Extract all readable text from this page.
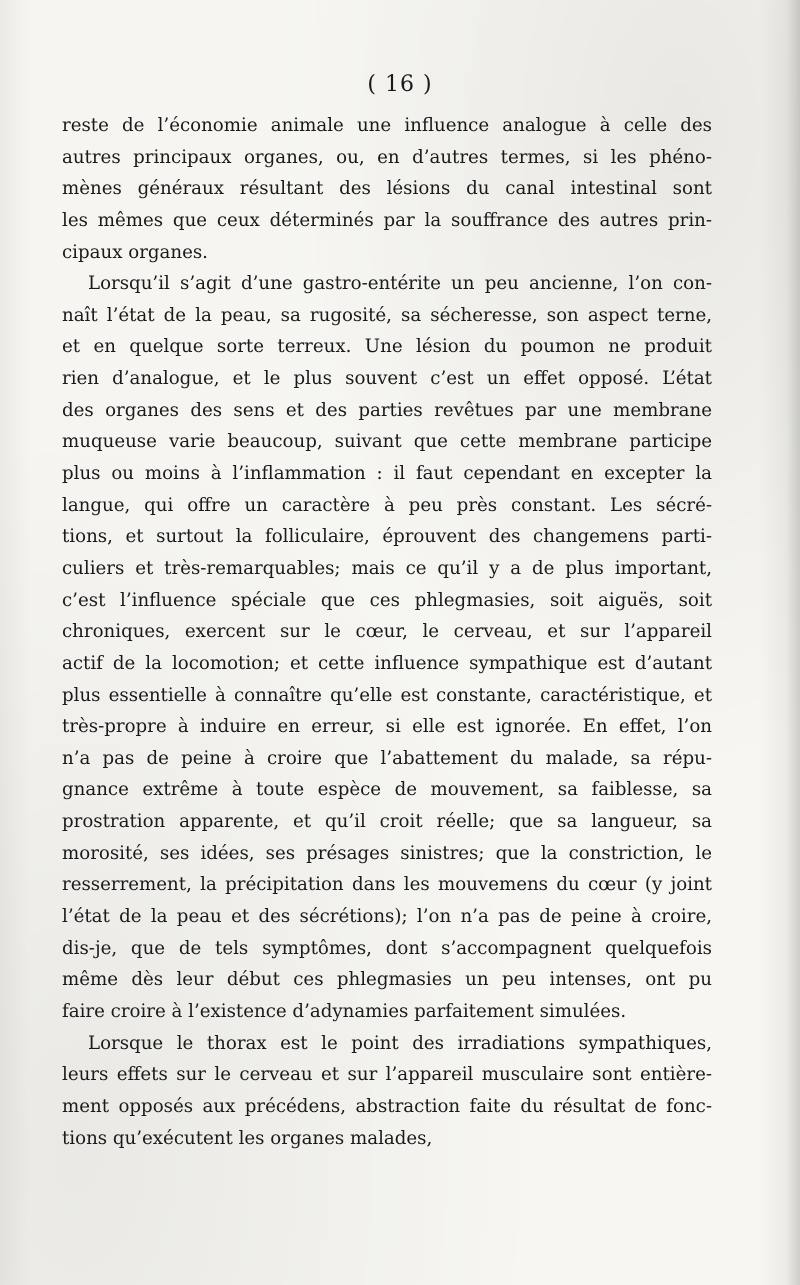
( 16 )
reste de l’économie animale une influence analogue à celle des
autres principaux organes, ou, en d’autres termes, si les phéno-
mènes généraux résultant des lésions du canal intestinal sont
les mêmes que ceux déterminés par la souffrance des autres prin-
cipaux organes.
Lorsqu’il s’agit d’une gastro-entérite un peu ancienne, l’on con-
naît l’état de la peau, sa rugosité, sa sécheresse, son aspect terne,
et en quelque sorte terreux. Une lésion du poumon ne produit
rien d’analogue, et le plus souvent c’est un effet opposé. L’état
des organes des sens et des parties revêtues par une membrane
muqueuse varie beaucoup, suivant que cette membrane participe
plus ou moins à l’inflammation : il faut cependant en excepter la
langue, qui offre un caractère à peu près constant. Les sécré-
tions, et surtout la folliculaire, éprouvent des changemens parti-
culiers et très-remarquables; mais ce qu’il y a de plus important,
c’est l’influence spéciale que ces phlegmasies, soit aiguës, soit
chroniques, exercent sur le cœur, le cerveau, et sur l’appareil
actif de la locomotion; et cette influence sympathique est d’autant
plus essentielle à connaître qu’elle est constante, caractéristique, et
très-propre à induire en erreur, si elle est ignorée. En effet, l’on
n’a pas de peine à croire que l’abattement du malade, sa répu-
gnance extrême à toute espèce de mouvement, sa faiblesse, sa
prostration apparente, et qu’il croit réelle; que sa langueur, sa
morosité, ses idées, ses présages sinistres; que la constriction, le
resserrement, la précipitation dans les mouvemens du cœur (y joint
l’état de la peau et des sécrétions); l’on n’a pas de peine à croire,
dis-je, que de tels symptômes, dont s’accompagnent quelquefois
même dès leur début ces phlegmasies un peu intenses, ont pu
faire croire à l’existence d’adynamies parfaitement simulées.
Lorsque le thorax est le point des irradiations sympathiques,
leurs effets sur le cerveau et sur l’appareil musculaire sont entière-
ment opposés aux précédens, abstraction faite du résultat de fonc-
tions qu’exécutent les organes malades,
